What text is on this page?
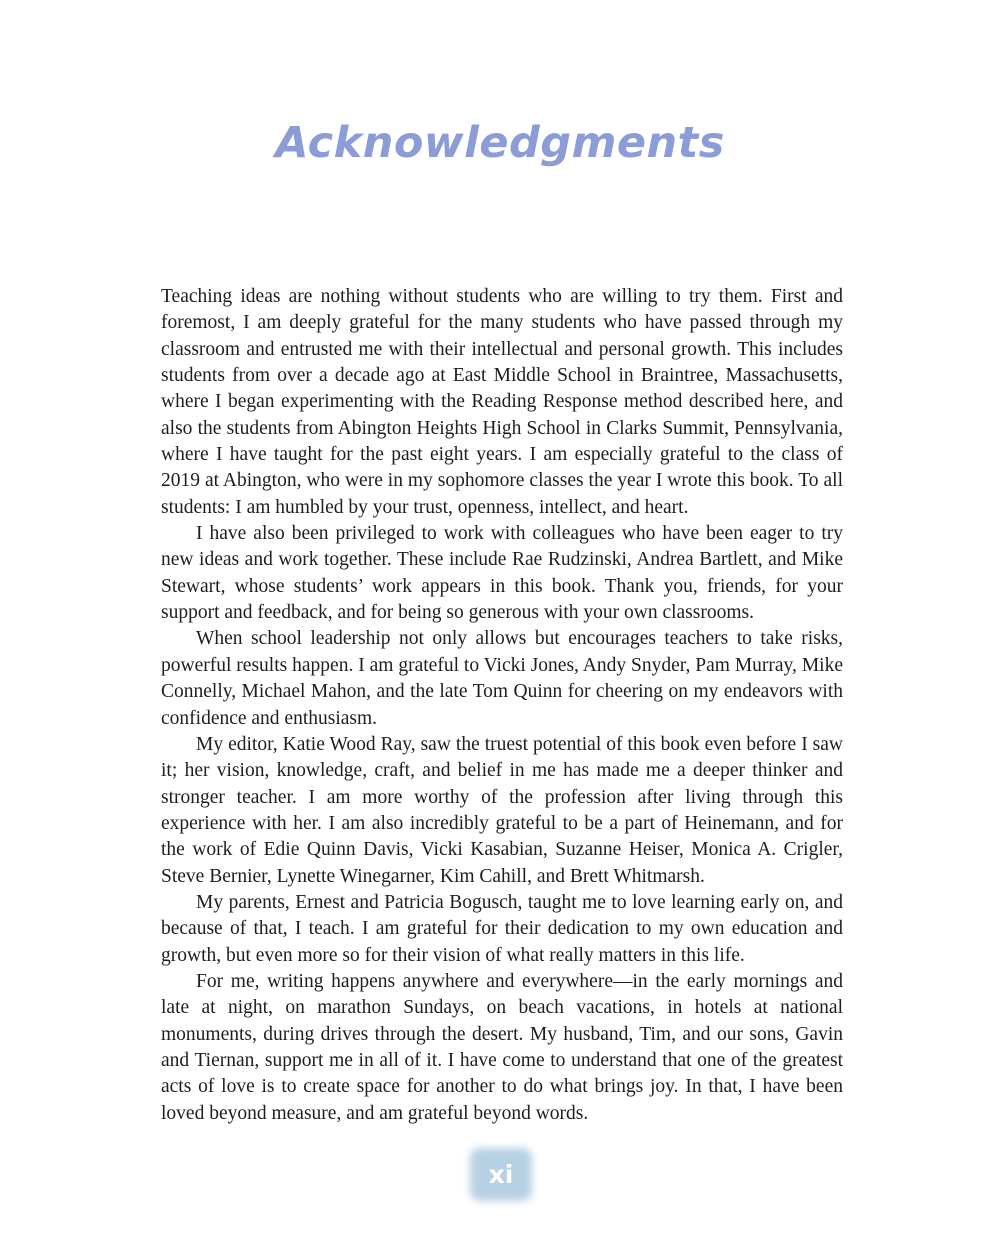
Acknowledgments

Teaching ideas are nothing without students who are willing to try them. First and foremost, I am deeply grateful for the many students who have passed through my classroom and entrusted me with their intellectual and personal growth. This includes students from over a decade ago at East Middle School in Braintree, Massachusetts, where I began experimenting with the Reading Response method described here, and also the students from Abington Heights High School in Clarks Summit, Pennsylvania, where I have taught for the past eight years. I am especially grateful to the class of 2019 at Abington, who were in my sophomore classes the year I wrote this book. To all students: I am humbled by your trust, openness, intellect, and heart.

I have also been privileged to work with colleagues who have been eager to try new ideas and work together. These include Rae Rudzinski, Andrea Bartlett, and Mike Stewart, whose students’ work appears in this book. Thank you, friends, for your support and feedback, and for being so generous with your own classrooms.

When school leadership not only allows but encourages teachers to take risks, powerful results happen. I am grateful to Vicki Jones, Andy Snyder, Pam Murray, Mike Connelly, Michael Mahon, and the late Tom Quinn for cheering on my endeavors with confidence and enthusiasm.

My editor, Katie Wood Ray, saw the truest potential of this book even before I saw it; her vision, knowledge, craft, and belief in me has made me a deeper thinker and stronger teacher. I am more worthy of the profession after living through this experience with her. I am also incredibly grateful to be a part of Heinemann, and for the work of Edie Quinn Davis, Vicki Kasabian, Suzanne Heiser, Monica A. Crigler, Steve Bernier, Lynette Winegarner, Kim Cahill, and Brett Whitmarsh.

My parents, Ernest and Patricia Bogusch, taught me to love learning early on, and because of that, I teach. I am grateful for their dedication to my own education and growth, but even more so for their vision of what really matters in this life.

For me, writing happens anywhere and everywhere—in the early mornings and late at night, on marathon Sundays, on beach vacations, in hotels at national monuments, during drives through the desert. My husband, Tim, and our sons, Gavin and Tiernan, support me in all of it. I have come to understand that one of the greatest acts of love is to create space for another to do what brings joy. In that, I have been loved beyond measure, and am grateful beyond words.

xi
